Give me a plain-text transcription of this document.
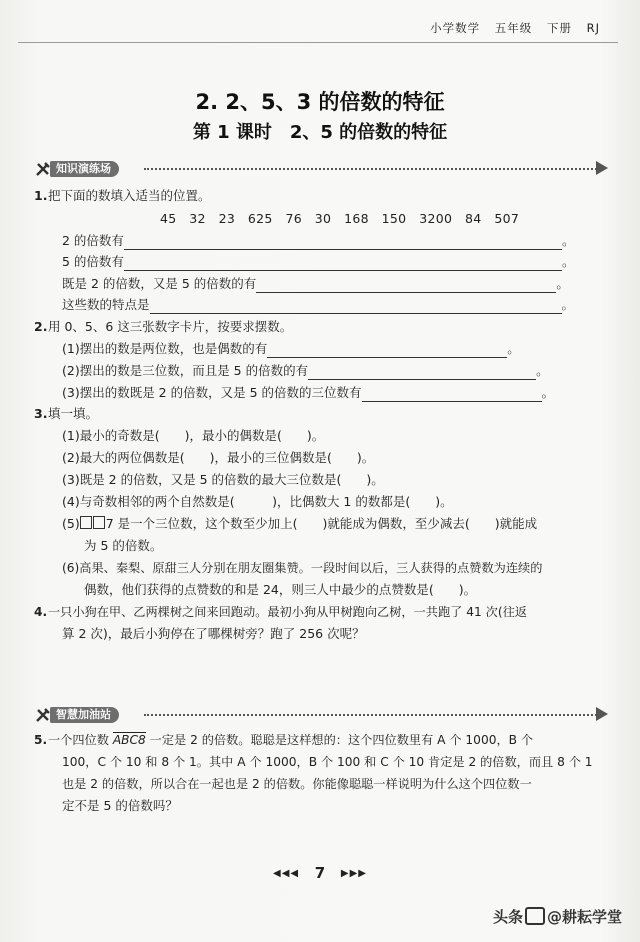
小学数学 五年级 下册 RJ
2. 2、5、3 的倍数的特征
第 1 课时　2、5 的倍数的特征
知识演练场
1. 把下面的数填入适当的位置。
45　32　23　625　76　30　168　150　3200　84　507
2 的倍数有	。
5 的倍数有	。
既是 2 的倍数，又是 5 的倍数的有	。
这些数的特点是	。
2. 用 0、5、6 这三张数字卡片，按要求摆数。
(1)摆出的数是两位数，也是偶数的有	。
(2)摆出的数是三位数，而且是 5 的倍数的有	。
(3)摆出的数既是 2 的倍数，又是 5 的倍数的三位数有	。
3. 填一填。
(1)最小的奇数是(　　)，最小的偶数是(　　)。
(2)最大的两位偶数是(　　)，最小的三位偶数是(　　)。
(3)既是 2 的倍数，又是 5 的倍数的最大三位数是(　　)。
(4)与奇数相邻的两个自然数是(　　　)，比偶数大 1 的数都是(　　)。
(5) 7 是一个三位数，这个数至少加上(　　)就能成为偶数，至少减去(　　)就能成
为 5 的倍数。
(6)高果、秦梨、原甜三人分别在朋友圈集赞。一段时间以后，三人获得的点赞数为连续的
偶数，他们获得的点赞数的和是 24，则三人中最少的点赞数是(　　)。
4. 一只小狗在甲、乙两棵树之间来回跑动。最初小狗从甲树跑向乙树，一共跑了 41 次(往返
算 2 次)，最后小狗停在了哪棵树旁？跑了 256 次呢？
智慧加油站
5. 一个四位数 ABC8 一定是 2 的倍数。聪聪是这样想的：这个四位数里有 A 个 1000，B 个
100，C 个 10 和 8 个 1。其中 A 个 1000，B 个 100 和 C 个 10 肯定是 2 的倍数，而且 8 个 1
也是 2 的倍数，所以合在一起也是 2 的倍数。你能像聪聪一样说明为什么这个四位数一
定不是 5 的倍数吗？
◀◀◀ 7 ▶▶▶
头条 @耕耘学堂
